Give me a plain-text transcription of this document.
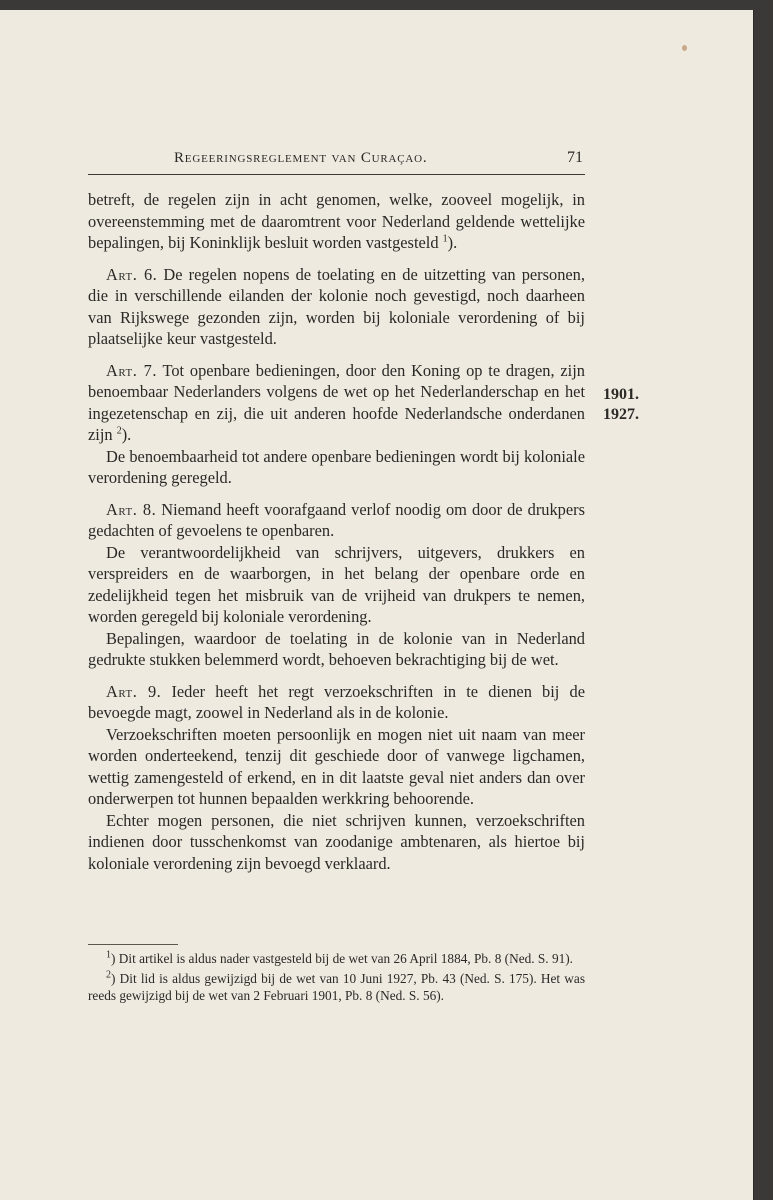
Regeeringsreglement van Curaçao.	71

betreft, de regelen zijn in acht genomen, welke, zooveel mogelijk, in overeenstemming met de daaromtrent voor Nederland geldende wettelijke bepalingen, bij Koninklijk besluit worden vastgesteld $^1$).

Art. 6. De regelen nopens de toelating en de uitzetting van personen, die in verschillende eilanden der kolonie noch gevestigd, noch daarheen van Rijkswege gezonden zijn, worden bij koloniale verordening of bij plaatselijke keur vastgesteld.

Art. 7. Tot openbare bedieningen, door den Koning op te dragen, zijn benoembaar Nederlanders volgens de wet op het Nederlanderschap en het ingezetenschap en zij, die uit anderen hoofde Nederlandsche onderdanen zijn $^2$).

De benoembaarheid tot andere openbare bedieningen wordt bij koloniale verordening geregeld.

Art. 8. Niemand heeft voorafgaand verlof noodig om door de drukpers gedachten of gevoelens te openbaren.

De verantwoordelijkheid van schrijvers, uitgevers, drukkers en verspreiders en de waarborgen, in het belang der openbare orde en zedelijkheid tegen het misbruik van de vrijheid van drukpers te nemen, worden geregeld bij koloniale verordening.

Bepalingen, waardoor de toelating in de kolonie van in Nederland gedrukte stukken belemmerd wordt, behoeven bekrachtiging bij de wet.

Art. 9. Ieder heeft het regt verzoekschriften in te dienen bij de bevoegde magt, zoowel in Nederland als in de kolonie.

Verzoekschriften moeten persoonlijk en mogen niet uit naam van meer worden onderteekend, tenzij dit geschiede door of vanwege ligchamen, wettig zamengesteld of erkend, en in dit laatste geval niet anders dan over onderwerpen tot hunnen bepaalden werkkring behoorende.

Echter mogen personen, die niet schrijven kunnen, verzoekschriften indienen door tusschenkomst van zoodanige ambtenaren, als hiertoe bij koloniale verordening zijn bevoegd verklaard.

1901.
1927.

$^1$) Dit artikel is aldus nader vastgesteld bij de wet van 26 April 1884, Pb. 8 (Ned. S. 91).

$^2$) Dit lid is aldus gewijzigd bij de wet van 10 Juni 1927, Pb. 43 (Ned. S. 175). Het was reeds gewijzigd bij de wet van 2 Februari 1901, Pb. 8 (Ned. S. 56).
